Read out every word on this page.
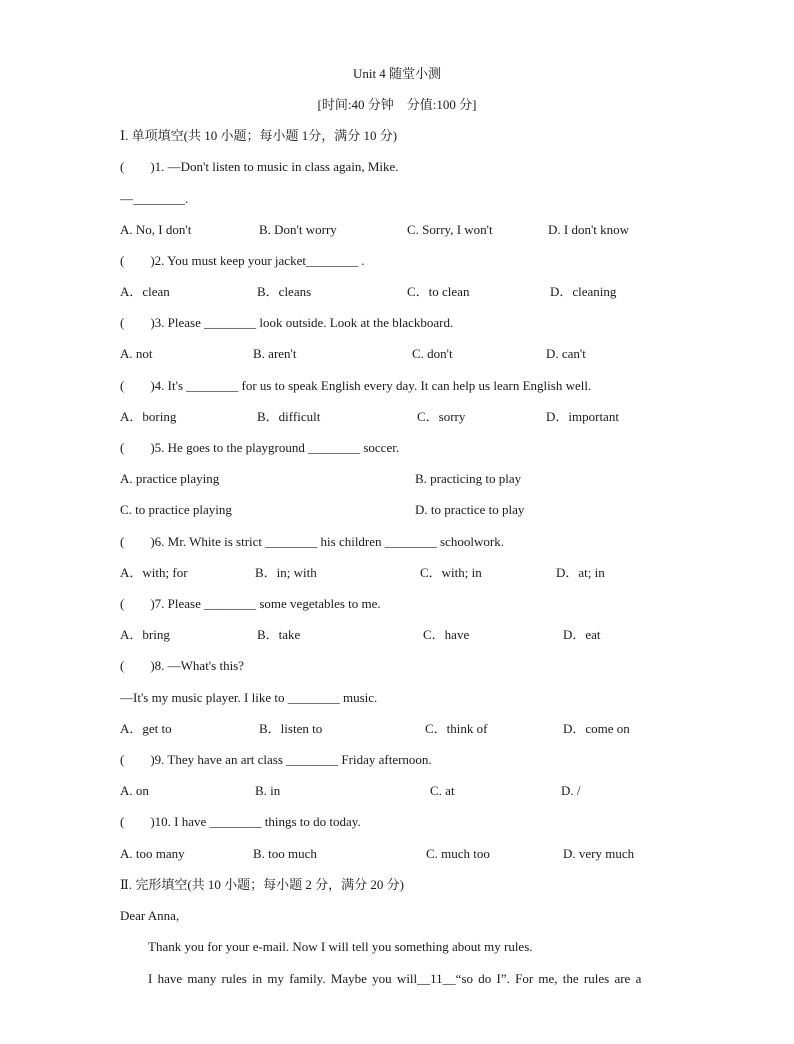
Unit 4 随堂小测
[时间:40 分钟　分值:100 分]
Ⅰ. 单项填空(共 10 小题；每小题 1分，满分 10 分)
(　　)1. —Don't listen to music in class again, Mike.
—________.
A. No, I don't	B. Don't worry	C. Sorry, I won't	D. I don't know
(　　)2. You must keep your jacket________ .
A．clean	B．cleans	C．to clean	D．cleaning
(　　)3. Please ________ look outside. Look at the blackboard.
A. not	B. aren't	C. don't	D. can't
(　　)4. It's ________ for us to speak English every day. It can help us learn English well.
A．boring	B．difficult	C．sorry	D．important
(　　)5. He goes to the playground ________ soccer.
A. practice playing	B. practicing to play
C. to practice playing	D. to practice to play
(　　)6. Mr. White is strict ________ his children ________ schoolwork.
A．with; for	B．in; with	C．with; in	D．at; in
(　　)7. Please ________ some vegetables to me.
A．bring	B．take	C．have	D．eat
(　　)8. —What's this?
—It's my music player. I like to ________ music.
A．get to	B．listen to	C．think of	D．come on
(　　)9. They have an art class ________ Friday afternoon.
A. on	B. in	C. at	D. /
(　　)10. I have ________ things to do today.
A. too many	B. too much	C. much too	D. very much
Ⅱ. 完形填空(共 10 小题；每小题 2 分，满分 20 分)
Dear Anna,
Thank you for your e-mail. Now I will tell you something about my rules.
I have many rules in my family. Maybe you will__11__“so do I”. For me, the rules are a
